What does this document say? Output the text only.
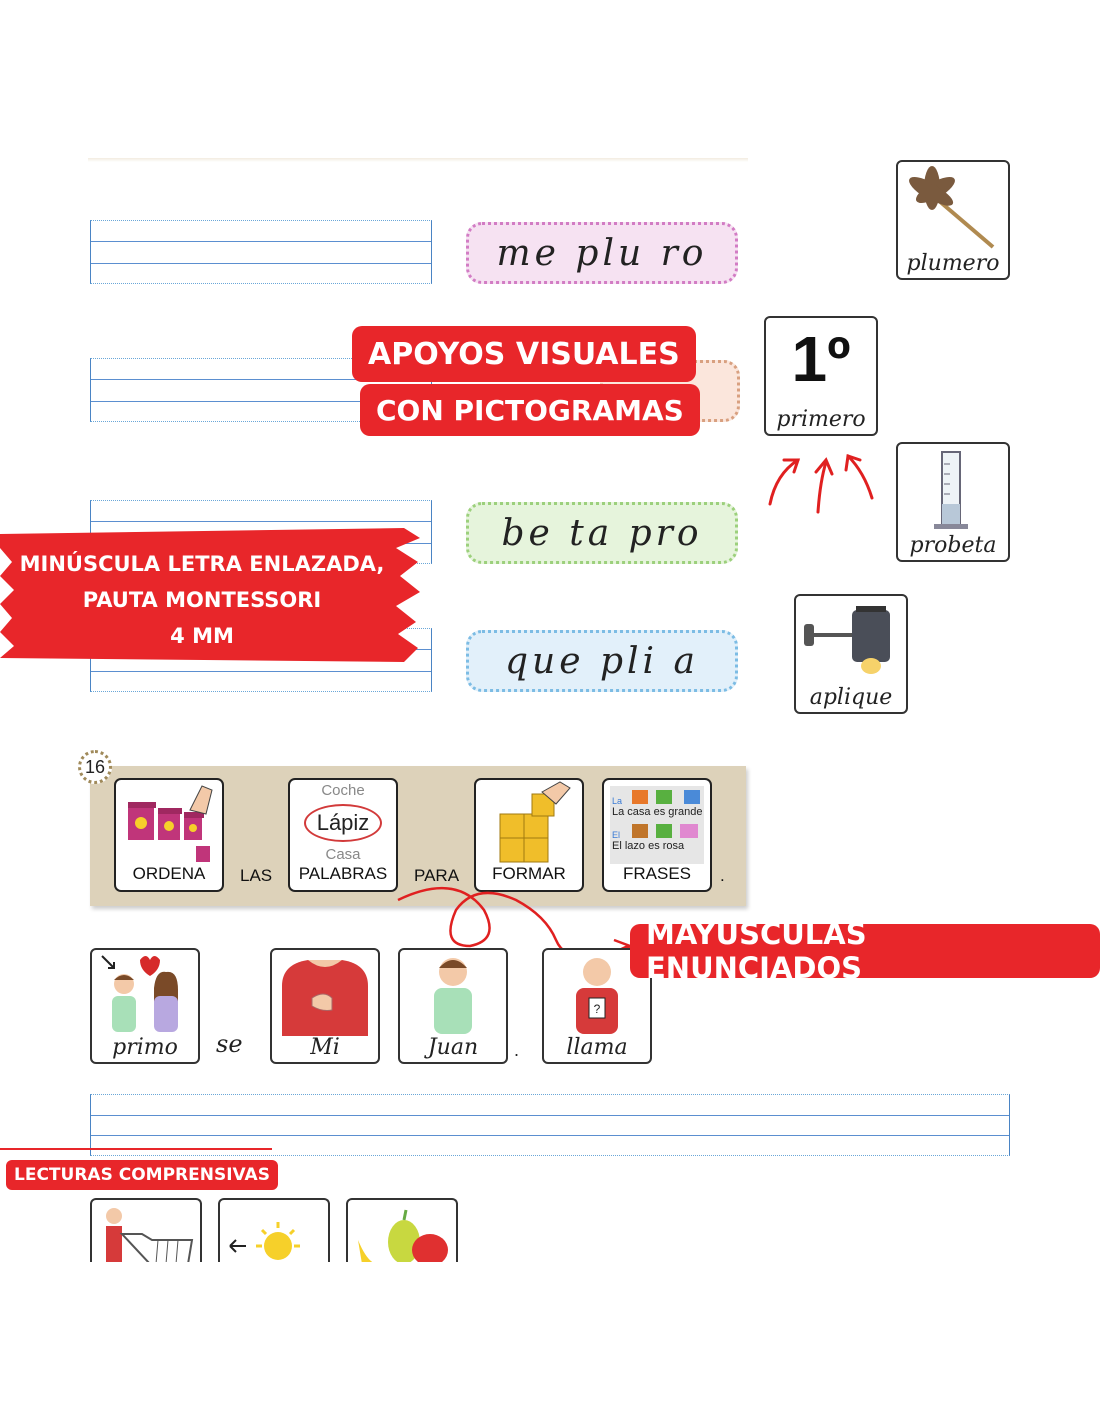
me plu ro
be ta pro
que pli a
plumero
1º
primero
probeta
aplique
APOYOS VISUALES
CON PICTOGRAMAS
MINÚSCULA LETRA ENLAZADA,
PAUTA MONTESSORI
4 MM
16
ORDENA	LAS
Coche
Lápiz
Casa
PALABRAS	PARA	FORMAR
La
La casa es grande
El
El lazo es rosa
FRASES	.
primo	se	Mi	Juan	.
?
llama
MAYÚSCULAS ENUNCIADOS
LECTURAS COMPRENSIVAS
